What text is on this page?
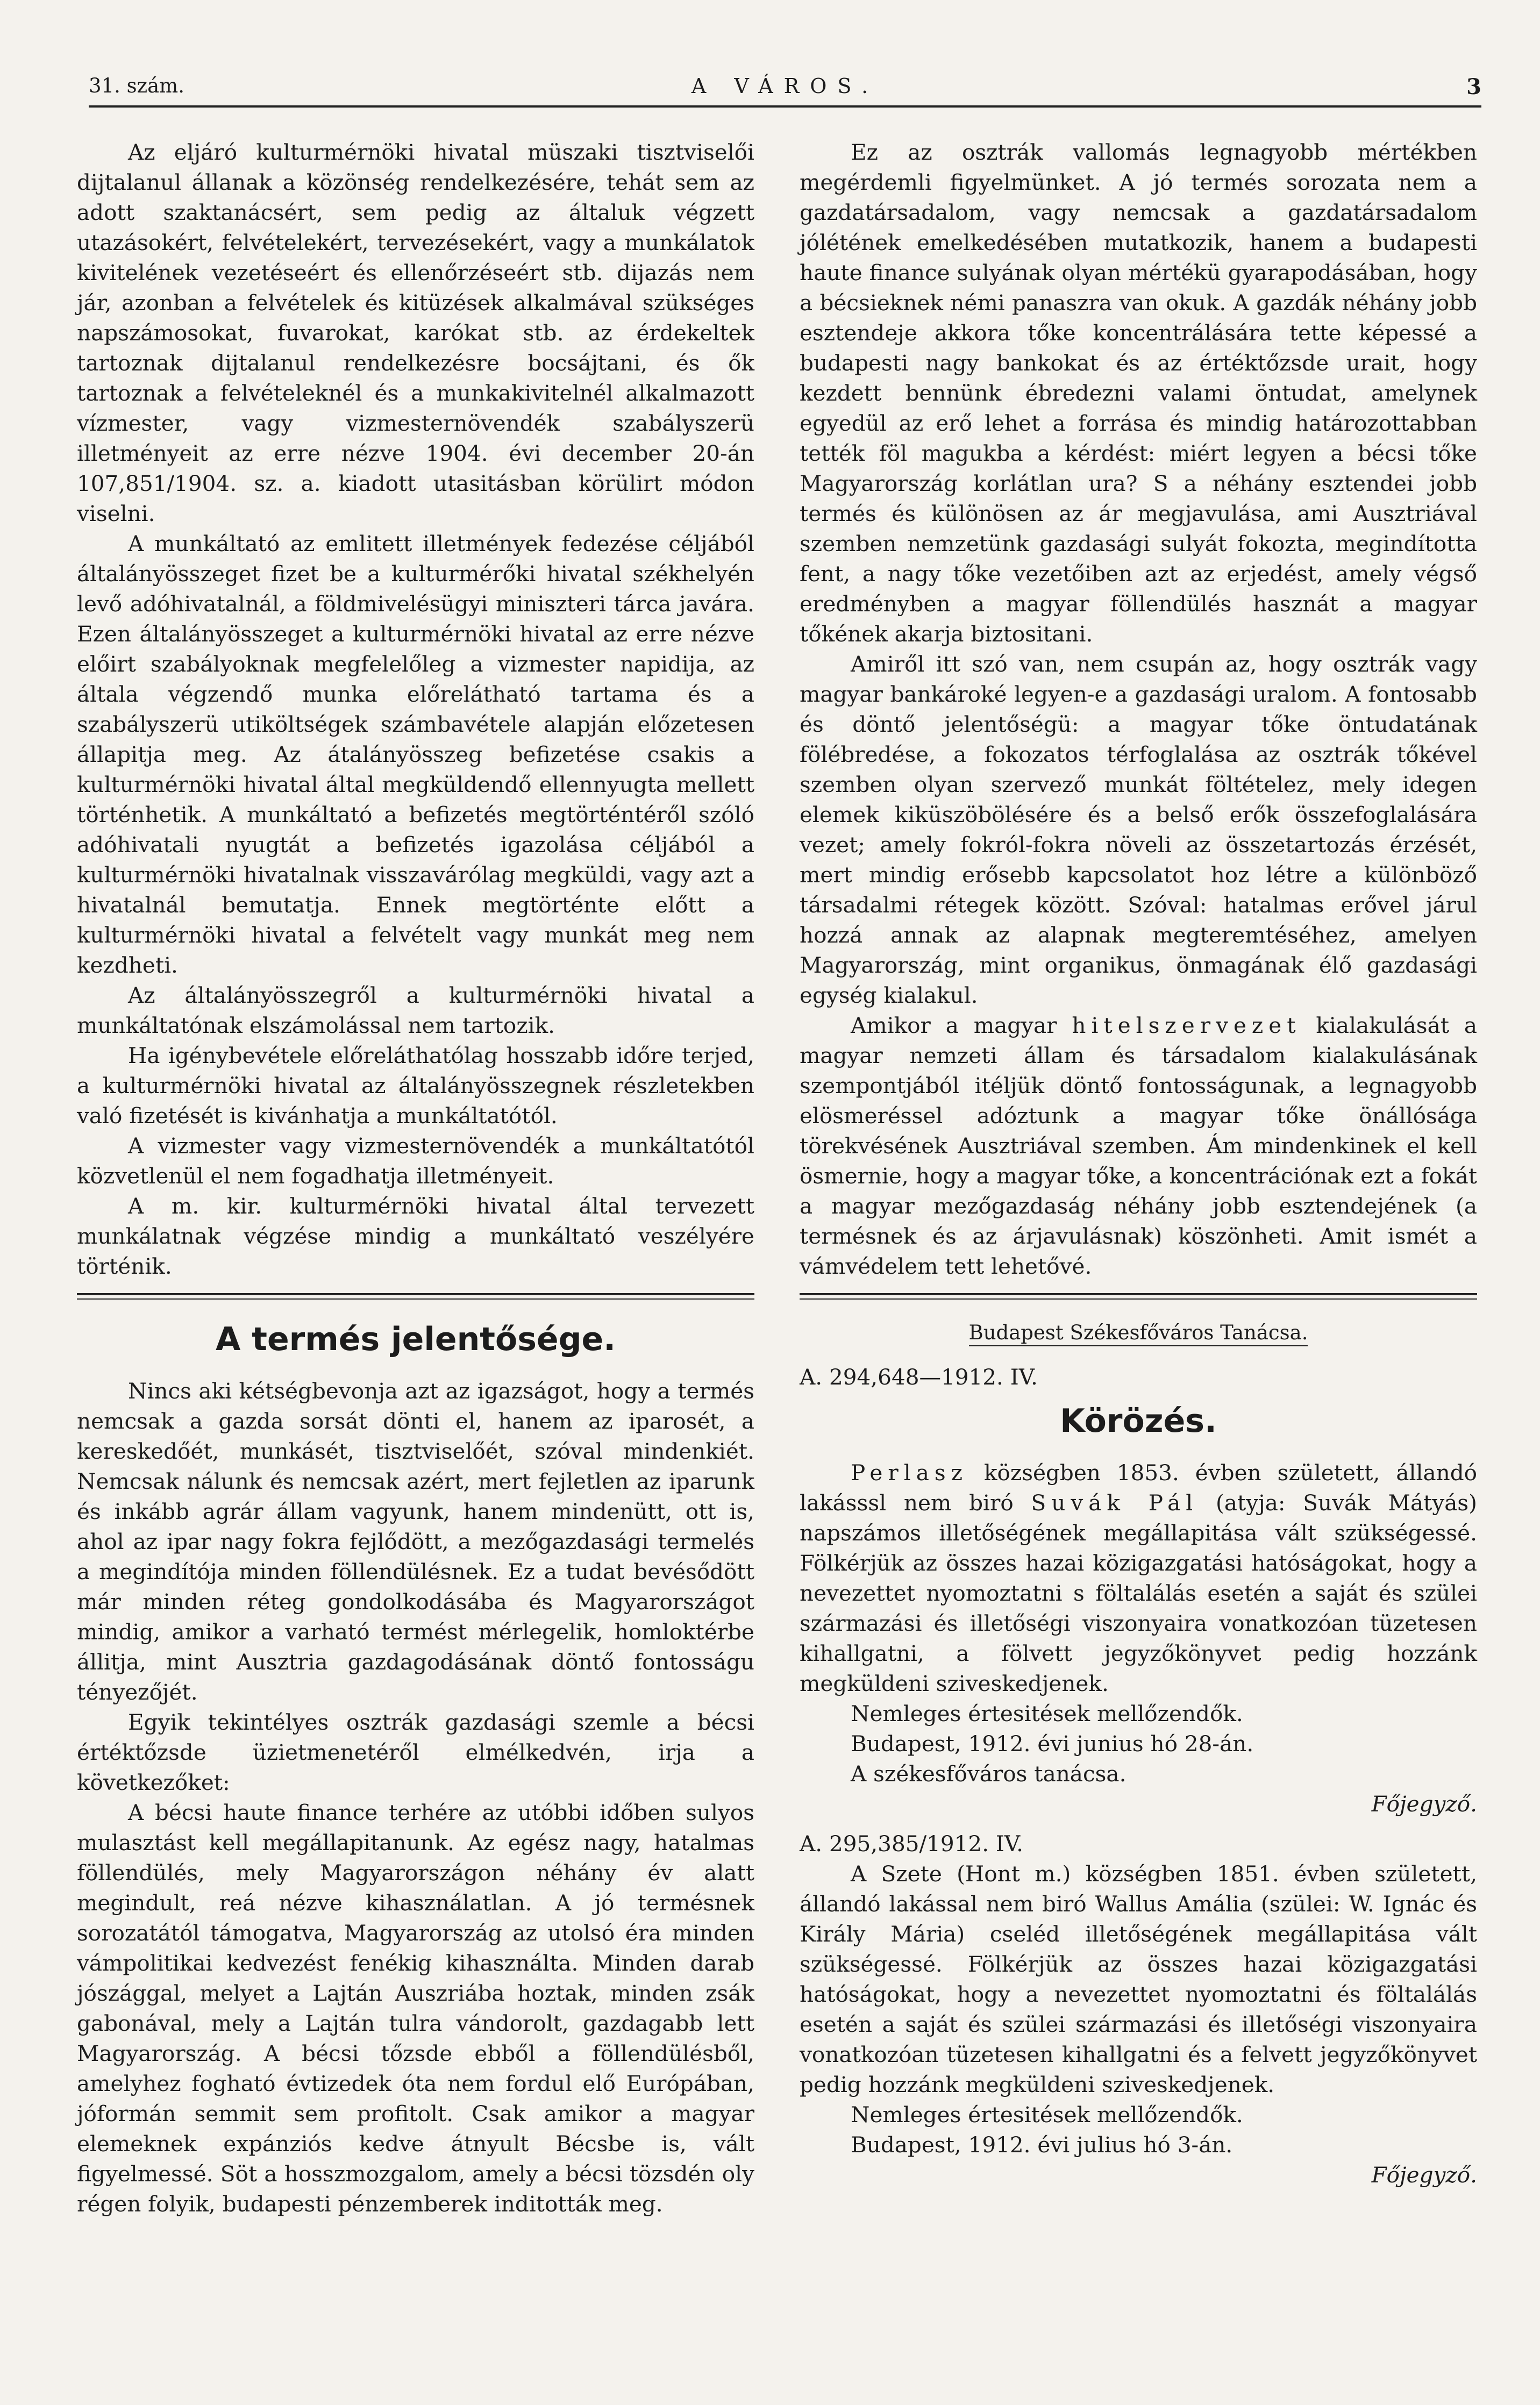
31. szám.	A VÁROS.	3

Az eljáró kulturmérnöki hivatal müszaki tisztviselői dijtalanul állanak a közönség rendelkezésére, tehát sem az adott szaktanácsért, sem pedig az általuk végzett utazásokért, felvételekért, tervezésekért, vagy a munkálatok kivitelének vezetéseért és ellenőrzéseért stb. dijazás nem jár, azonban a felvételek és kitüzések alkalmával szükséges napszámosokat, fuvarokat, karókat stb. az érdekeltek tartoznak dijtalanul rendelkezésre bocsájtani, és ők tartoznak a felvételeknél és a munkakivitelnél alkalmazott vízmester, vagy vizmesternövendék szabályszerü illetményeit az erre nézve 1904. évi december 20-án 107,851/1904. sz. a. kiadott utasitásban körülirt módon viselni.

A munkáltató az emlitett illetmények fedezése céljából általányösszeget fizet be a kulturmérőki hivatal székhelyén levő adóhivatalnál, a földmivelésügyi miniszteri tárca javára. Ezen általányösszeget a kulturmérnöki hivatal az erre nézve előirt szabályoknak megfelelőleg a vizmester napidija, az általa végzendő munka előrelátható tartama és a szabályszerü utiköltségek számbavétele alapján előzetesen állapitja meg. Az átalányösszeg befizetése csakis a kulturmérnöki hivatal által megküldendő ellennyugta mellett történhetik. A munkáltató a befizetés megtörténtéről szóló adóhivatali nyugtát a befizetés igazolása céljából a kulturmérnöki hivatalnak visszavárólag megküldi, vagy azt a hivatalnál bemutatja. Ennek megtörténte előtt a kulturmérnöki hivatal a felvételt vagy munkát meg nem kezdheti.

Az általányösszegről a kulturmérnöki hivatal a munkáltatónak elszámolással nem tartozik.

Ha igénybevétele előreláthatólag hosszabb időre terjed, a kulturmérnöki hivatal az általányösszegnek részletekben való fizetését is kivánhatja a munkáltatótól.

A vizmester vagy vizmesternövendék a munkáltatótól közvetlenül el nem fogadhatja illetményeit.

A m. kir. kulturmérnöki hivatal által tervezett munkálatnak végzése mindig a munkáltató veszélyére történik.

A termés jelentősége.

Nincs aki kétségbevonja azt az igazságot, hogy a termés nemcsak a gazda sorsát dönti el, hanem az iparosét, a kereskedőét, munkásét, tisztviselőét, szóval mindenkiét. Nemcsak nálunk és nemcsak azért, mert fejletlen az iparunk és inkább agrár állam vagyunk, hanem mindenütt, ott is, ahol az ipar nagy fokra fejlődött, a mezőgazdasági termelés a megindítója minden föllendülésnek. Ez a tudat bevésődött már minden réteg gondolkodásába és Magyarországot mindig, amikor a varható termést mérlegelik, homloktérbe állitja, mint Ausztria gazdagodásának döntő fontosságu tényezőjét.

Egyik tekintélyes osztrák gazdasági szemle a bécsi értéktőzsde üzietmenetéről elmélkedvén, irja a következőket:

A bécsi haute finance terhére az utóbbi időben sulyos mulasztást kell megállapitanunk. Az egész nagy, hatalmas föllendülés, mely Magyarországon néhány év alatt megindult, reá nézve kihasználatlan. A jó termésnek sorozatától támogatva, Magyarország az utolsó éra minden vámpolitikai kedvezést fenékig kihasználta. Minden darab jószággal, melyet a Lajtán Auszriába hoztak, minden zsák gabonával, mely a Lajtán tulra vándorolt, gazdagabb lett Magyarország. A bécsi tőzsde ebből a föllendülésből, amelyhez fogható évtizedek óta nem fordul elő Európában, jóformán semmit sem profitolt. Csak amikor a magyar elemeknek expánziós kedve átnyult Bécsbe is, vált figyelmessé. Söt a hosszmozgalom, amely a bécsi tözsdén oly régen folyik, budapesti pénzemberek inditották meg.

Ez az osztrák vallomás legnagyobb mértékben megérdemli figyelmünket. A jó termés sorozata nem a gazdatársadalom, vagy nemcsak a gazdatársadalom jólétének emelkedésében mutatkozik, hanem a budapesti haute finance sulyának olyan mértékü gyarapodásában, hogy a bécsieknek némi panaszra van okuk. A gazdák néhány jobb esztendeje akkora tőke koncentrálására tette képessé a budapesti nagy bankokat és az értéktőzsde urait, hogy kezdett bennünk ébredezni valami öntudat, amelynek egyedül az erő lehet a forrása és mindig határozottabban tették föl magukba a kérdést: miért legyen a bécsi tőke Magyarország korlátlan ura? S a néhány esztendei jobb termés és különösen az ár megjavulása, ami Ausztriával szemben nemzetünk gazdasági sulyát fokozta, megindította fent, a nagy tőke vezetőiben azt az erjedést, amely végső eredményben a magyar föllendülés hasznát a magyar tőkének akarja biztositani.

Amiről itt szó van, nem csupán az, hogy osztrák vagy magyar bankároké legyen-e a gazdasági uralom. A fontosabb és döntő jelentőségü: a magyar tőke öntudatának fölébredése, a fokozatos térfoglalása az osztrák tőkével szemben olyan szervező munkát föltételez, mely idegen elemek kiküszöbölésére és a belső erők összefoglalására vezet; amely fokról-fokra növeli az összetartozás érzését, mert mindig erősebb kapcsolatot hoz létre a különböző társadalmi rétegek között. Szóval: hatalmas erővel járul hozzá annak az alapnak megteremtéséhez, amelyen Magyarország, mint organikus, önmagának élő gazdasági egység kialakul.

Amikor a magyar hitelszervezet kialakulását a magyar nemzeti állam és társadalom kialakulásának szempontjából itéljük döntő fontosságunak, a legnagyobb elösmeréssel adóztunk a magyar tőke önállósága törekvésének Ausztriával szemben. Ám mindenkinek el kell ösmernie, hogy a magyar tőke, a koncentrációnak ezt a fokát a magyar mezőgazdaság néhány jobb esztendejének (a termésnek és az árjavulásnak) köszönheti. Amit ismét a vámvédelem tett lehetővé.

Budapest Székesfőváros Tanácsa.

A. 294,648—1912. IV.

Körözés.

Perlasz községben 1853. évben született, állandó lakásssl nem biró Suvák Pál (atyja: Suvák Mátyás) napszámos illetőségének megállapitása vált szükségessé. Fölkérjük az összes hazai közigazgatási hatóságokat, hogy a nevezettet nyomoztatni s föltalálás esetén a saját és szülei származási és illetőségi viszonyaira vonatkozóan tüzetesen kihallgatni, a fölvett jegyzőkönyvet pedig hozzánk megküldeni sziveskedjenek.

Nemleges értesitések mellőzendők.

Budapest, 1912. évi junius hó 28-án.

A székesfőváros tanácsa.

Főjegyző.

A. 295,385/1912. IV.

A Szete (Hont m.) községben 1851. évben született, állandó lakással nem biró Wallus Amália (szülei: W. Ignác és Király Mária) cseléd illetőségének megállapitása vált szükségessé. Fölkérjük az összes hazai közigazgatási hatóságokat, hogy a nevezettet nyomoztatni és föltalálás esetén a saját és szülei származási és illetőségi viszonyaira vonatkozóan tüzetesen kihallgatni és a felvett jegyzőkönyvet pedig hozzánk megküldeni sziveskedjenek.

Nemleges értesitések mellőzendők.

Budapest, 1912. évi julius hó 3-án.

Főjegyző.
